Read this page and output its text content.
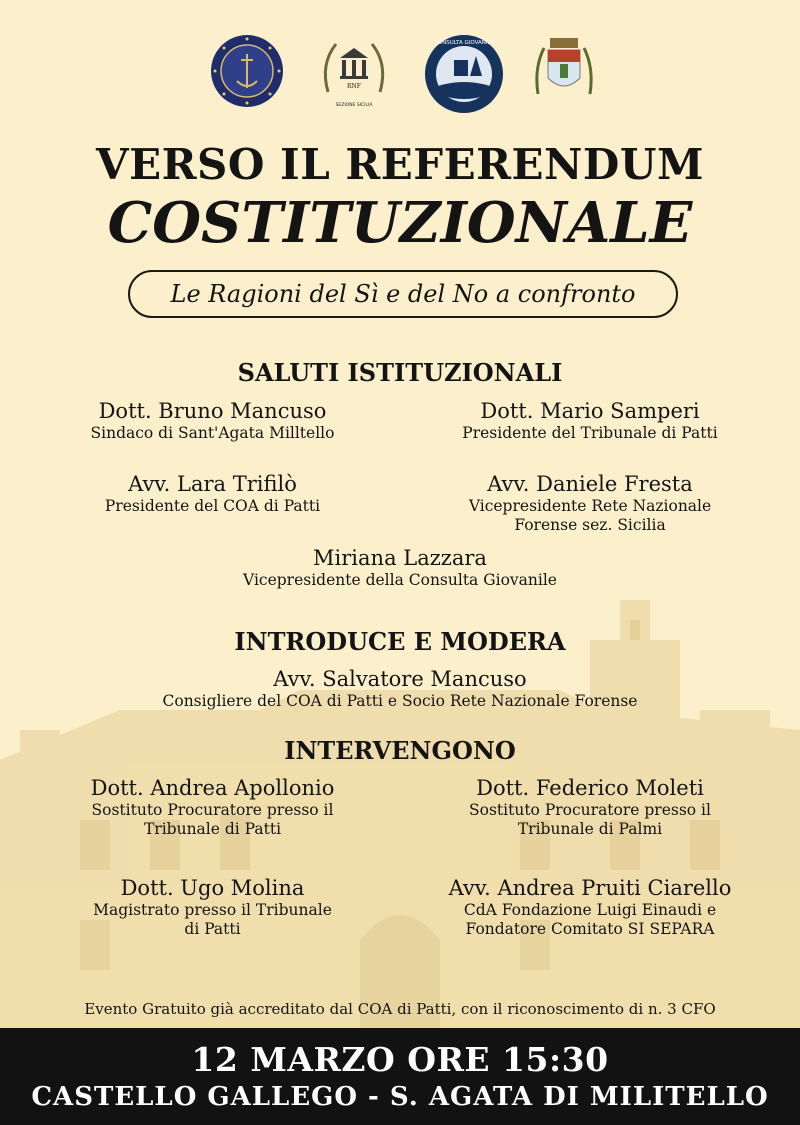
RNF
SEZIONE SICILIA
CONSULTA GIOVANILE
VERSO IL REFERENDUM
COSTITUZIONALE
Le Ragioni del Sì e del No a confronto
SALUTI ISTITUZIONALI
Dott. Bruno Mancuso
Sindaco di Sant'Agata Milltello
Dott. Mario Samperi
Presidente del Tribunale di Patti
Avv. Lara Trifilò
Presidente del COA di Patti
Avv. Daniele Fresta
Vicepresidente Rete Nazionale
Forense sez. Sicilia
Miriana Lazzara
Vicepresidente della Consulta Giovanile
INTRODUCE E MODERA
Avv. Salvatore Mancuso
Consigliere del COA di Patti e Socio Rete Nazionale Forense
INTERVENGONO
Dott. Andrea Apollonio
Sostituto Procuratore presso il
Tribunale di Patti
Dott. Federico Moleti
Sostituto Procuratore presso il
Tribunale di Palmi
Dott. Ugo Molina
Magistrato presso il Tribunale
di Patti
Avv. Andrea Pruiti Ciarello
CdA Fondazione Luigi Einaudi e
Fondatore Comitato SI SEPARA
Evento Gratuito già accreditato dal COA di Patti, con il riconoscimento di n. 3 CFO
12 MARZO ORE 15:30
CASTELLO GALLEGO - S. AGATA DI MILITELLO
